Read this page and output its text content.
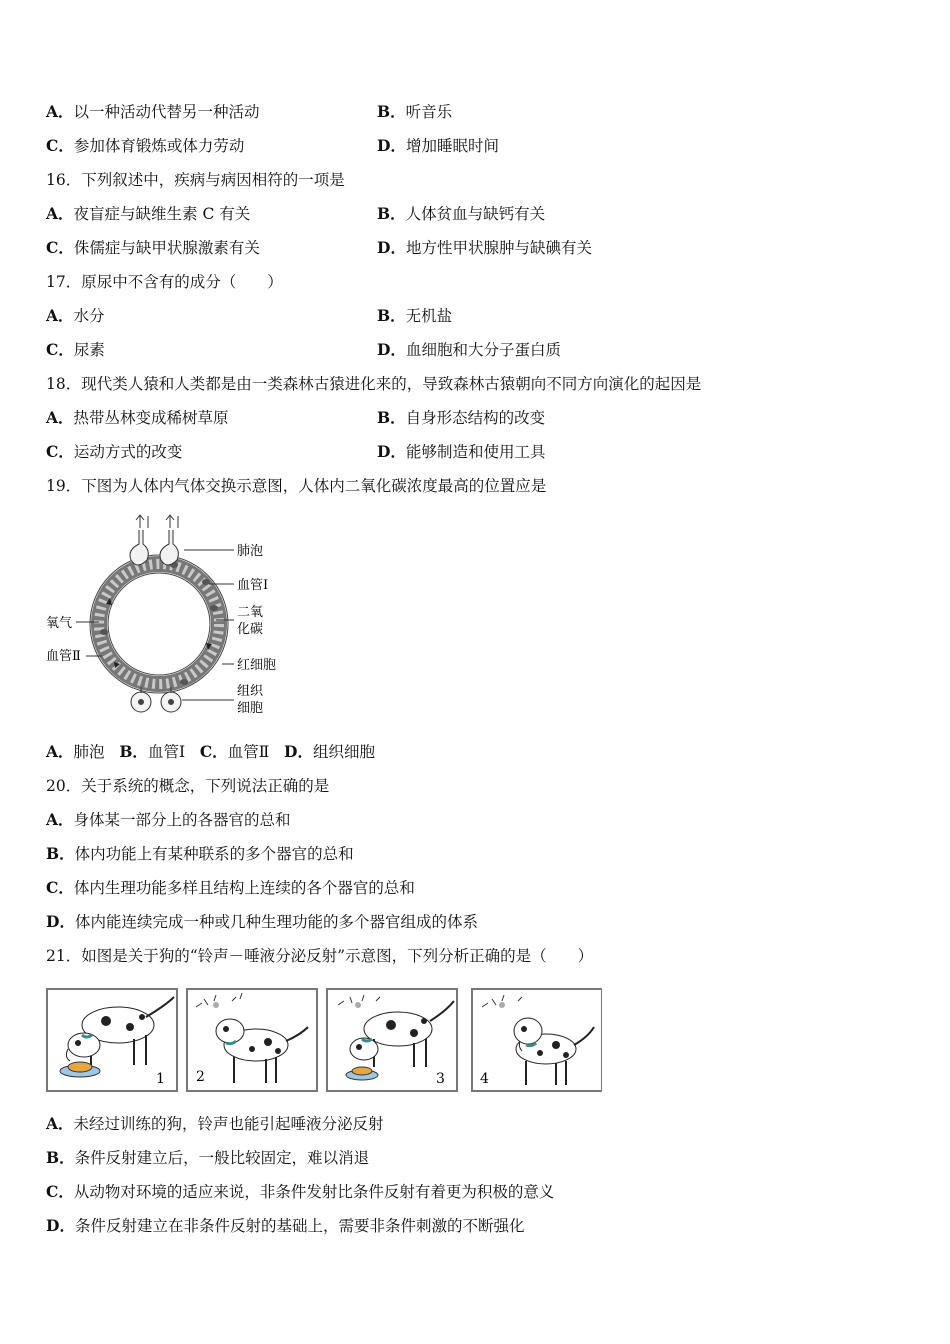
A．以一种活动代替另一种活动	B．听音乐
C．参加体育锻炼或体力劳动	D．增加睡眠时间
16．下列叙述中，疾病与病因相符的一项是
A．夜盲症与缺维生素 C 有关	B．人体贫血与缺钙有关
C．侏儒症与缺甲状腺激素有关	D．地方性甲状腺肿与缺碘有关
17．原尿中不含有的成分（　　）
A．水分	B．无机盐
C．尿素	D．血细胞和大分子蛋白质
18．现代类人猿和人类都是由一类森林古猿进化来的，导致森林古猿朝向不同方向演化的起因是
A．热带丛林变成稀树草原	B．自身形态结构的改变
C．运动方式的改变	D．能够制造和使用工具
19．下图为人体内气体交换示意图，人体内二氧化碳浓度最高的位置应是
肺泡
血管Ⅰ
二氧
化碳
红细胞
组织
细胞
氧气
血管Ⅱ
A．肺泡 B．血管Ⅰ C．血管Ⅱ D．组织细胞
20．关于系统的概念，下列说法正确的是
A．身体某一部分上的各器官的总和
B．体内功能上有某种联系的多个器官的总和
C．体内生理功能多样且结构上连续的各个器官的总和
D．体内能连续完成一种或几种生理功能的多个器官组成的体系
21．如图是关于狗的“铃声－唾液分泌反射”示意图，下列分析正确的是（　　）
1 2	3	4
A．未经过训练的狗，铃声也能引起唾液分泌反射
B．条件反射建立后，一般比较固定，难以消退
C．从动物对环境的适应来说，非条件发射比条件反射有着更为积极的意义
D．条件反射建立在非条件反射的基础上，需要非条件刺激的不断强化
